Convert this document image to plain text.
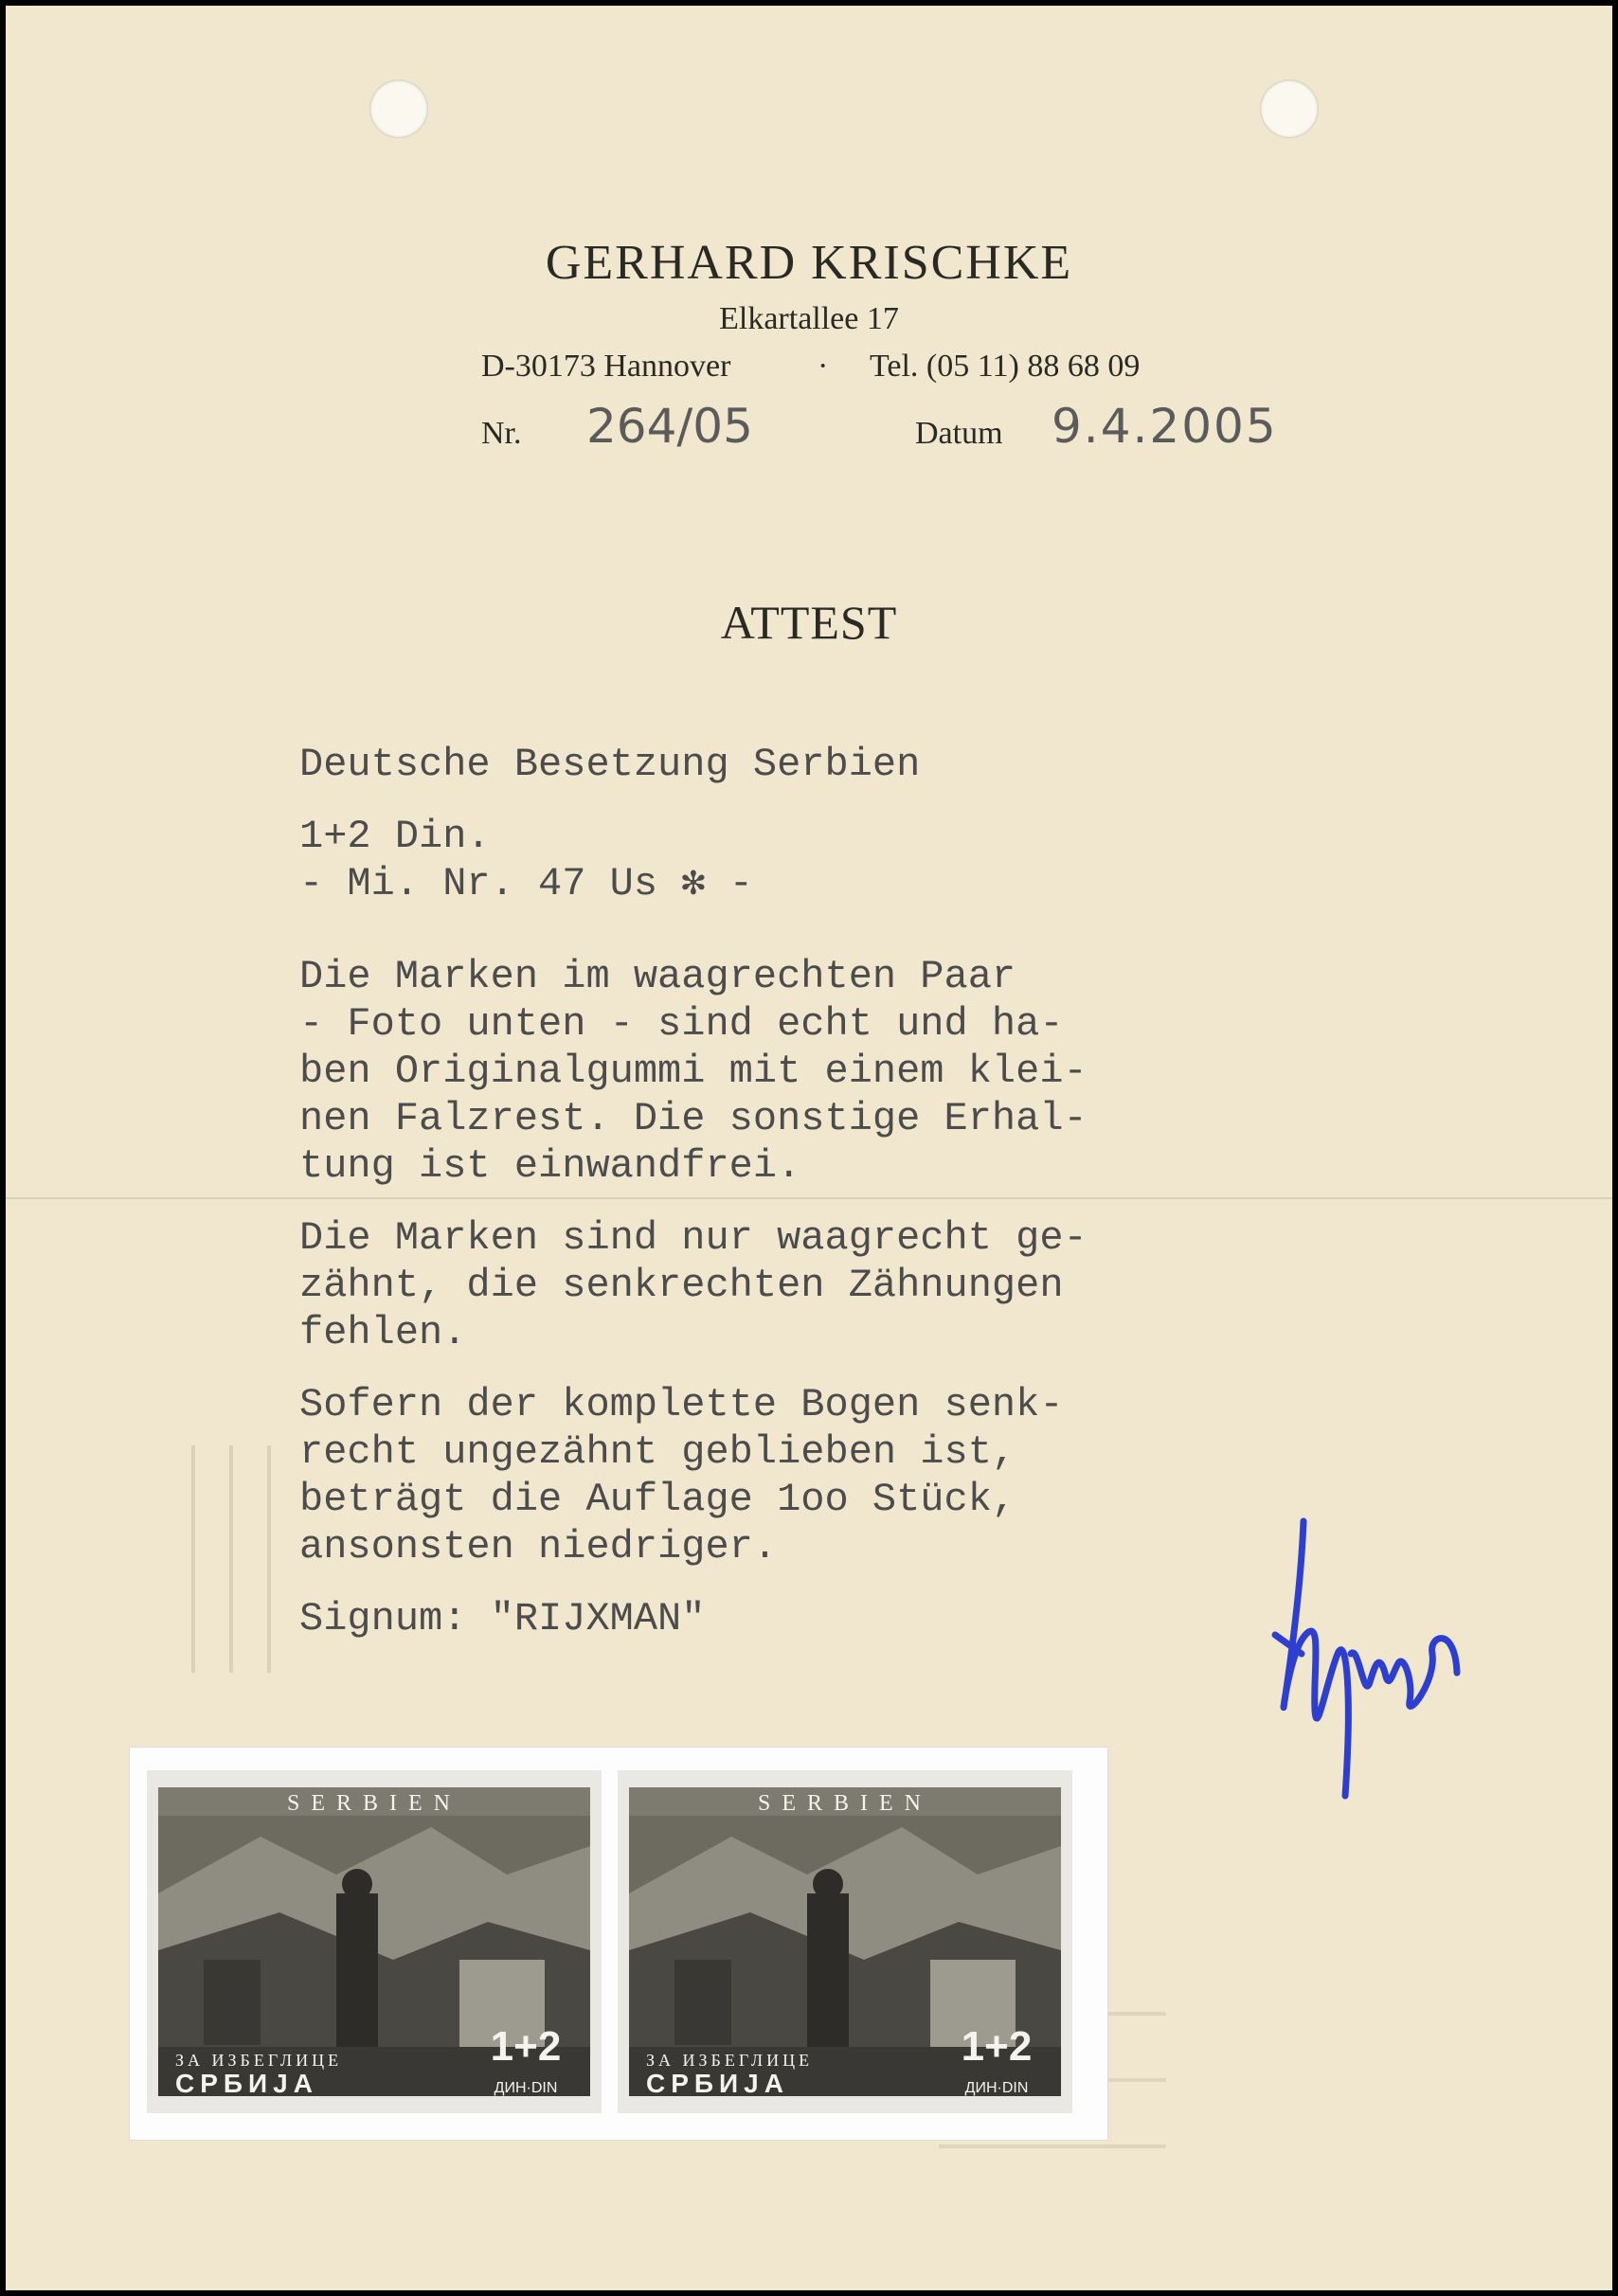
GERHARD KRISCHKE
Elkartallee 17
D-30173 Hannover	· Tel. (05 11) 88 68 09
Nr. 264/05	Datum 9.4.2005
ATTEST
Deutsche Besetzung Serbien
1+2 Din.
- Mi. Nr. 47 Us ✻ -
Die Marken im waagrechten Paar
- Foto unten - sind echt und ha-
ben Originalgummi mit einem klei-
nen Falzrest. Die sonstige Erhal-
tung ist einwandfrei.
Die Marken sind nur waagrecht ge-
zähnt, die senkrechten Zähnungen
fehlen.
Sofern der komplette Bogen senk-
recht ungezähnt geblieben ist,
beträgt die Auflage 1oo Stück,
ansonsten niedriger.
Signum: "RIJXMAN"
SERBIEN
ЗА ИЗБЕГЛИЦЕ
СРБИЈА
1+2
ДИН·DIN
SERBIEN
ЗА ИЗБЕГЛИЦЕ
СРБИЈА
1+2
ДИН·DIN
